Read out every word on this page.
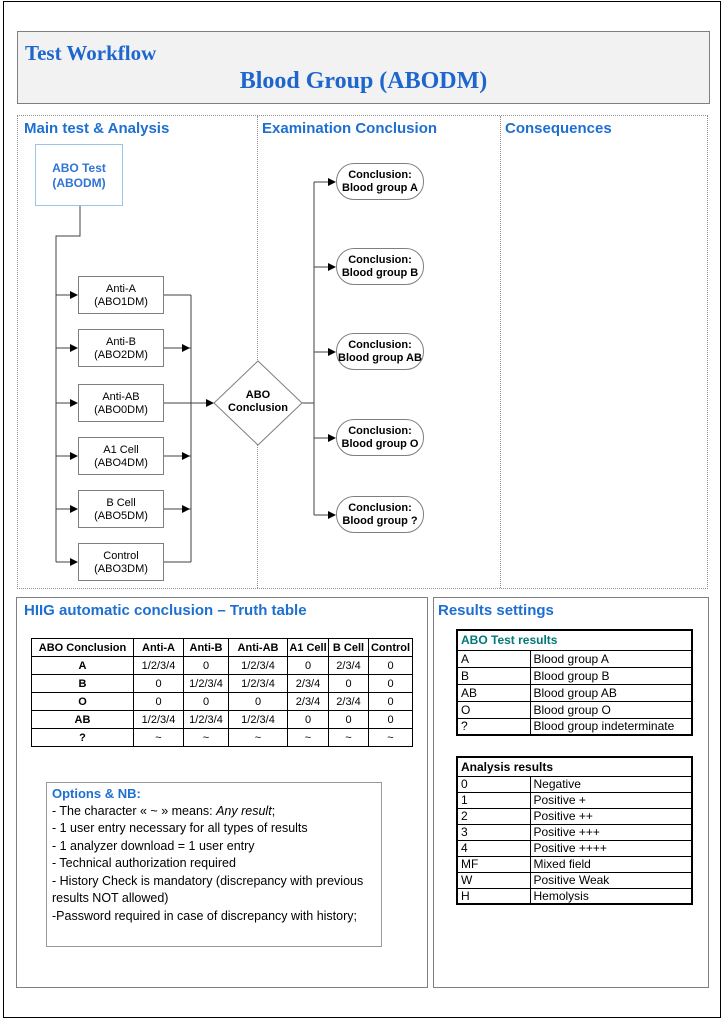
Test Workflow
Blood Group (ABODM)
Main test & Analysis	Examination Conclusion	Consequences
ABO Test
(ABODM)
Anti-A
(ABO1DM)
Anti-B
(ABO2DM)
Anti-AB
(ABO0DM)
A1 Cell
(ABO4DM)
B Cell
(ABO5DM)
Control
(ABO3DM)
ABO
Conclusion
Conclusion:
Blood group A
Conclusion:
Blood group B
Conclusion:
Blood group AB
Conclusion:
Blood group O
Conclusion:
Blood group ?
HIIG automatic conclusion – Truth table
ABO Conclusion	Anti-A	Anti-B	Anti-AB	A1 Cell	B Cell	Control
A	1/2/3/4	0	1/2/3/4	0	2/3/4	0
B	0	1/2/3/4	1/2/3/4	2/3/4	0	0
O	0	0	0	2/3/4	2/3/4	0
AB	1/2/3/4	1/2/3/4	1/2/3/4	0	0	0
?	~	~	~	~	~	~
Options & NB:
- The character « ~ » means: Any result;
- 1 user entry necessary for all types of results
- 1 analyzer download = 1 user entry
- Technical authorization required
- History Check is mandatory (discrepancy with previous results NOT allowed)
-Password required in case of discrepancy with history;
Results settings
ABO Test results	
A	Blood group A
B	Blood group B
AB	Blood group AB
O	Blood group O
?	Blood group indeterminate
Analysis results	
0	Negative
1	Positive +
2	Positive ++
3	Positive +++
4	Positive ++++
MF	Mixed field
W	Positive Weak
H	Hemolysis
